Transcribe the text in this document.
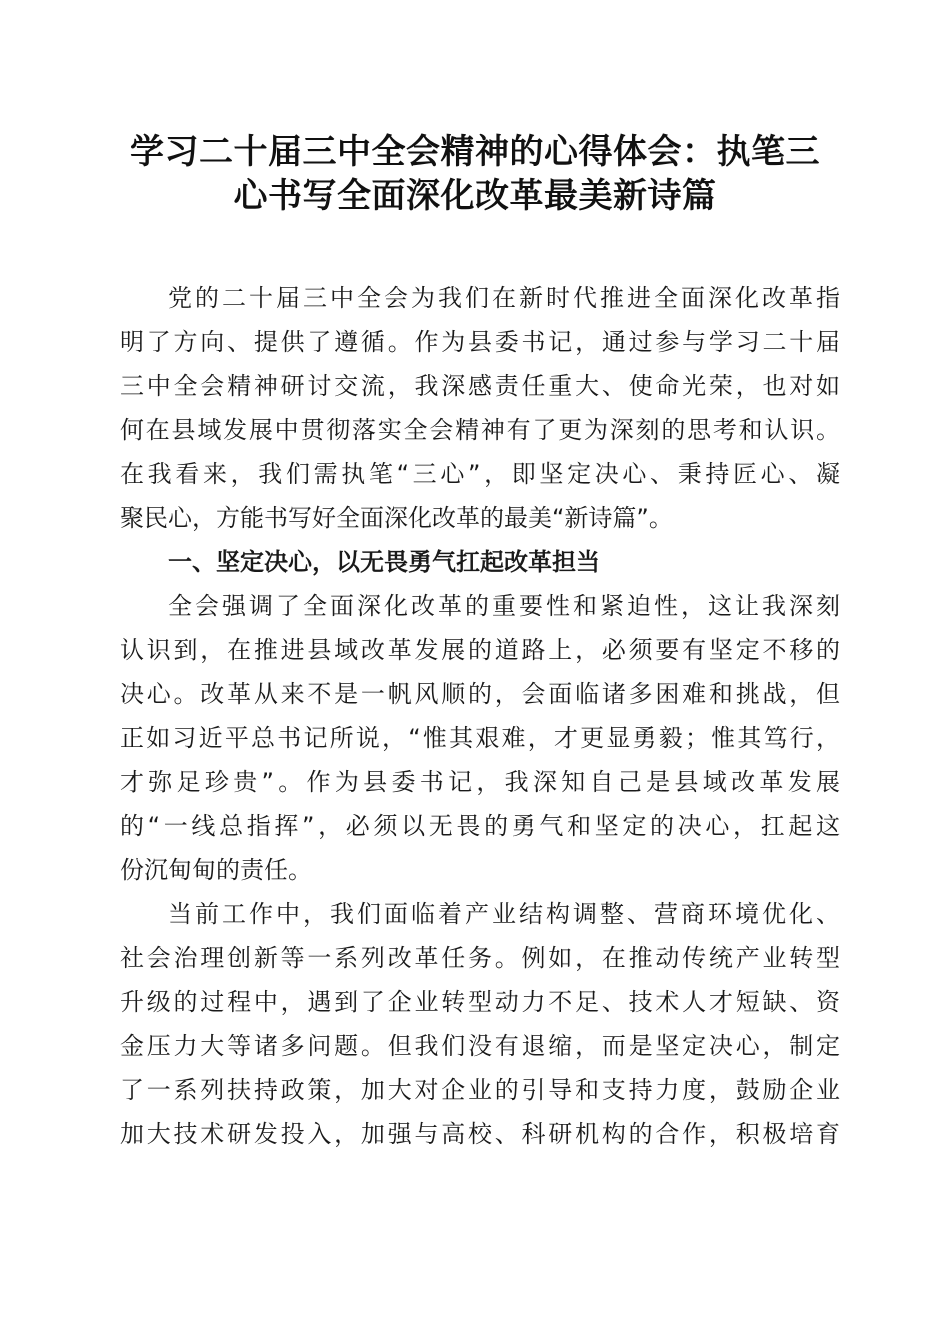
学习二十届三中全会精神的心得体会：执笔三
心书写全面深化改革最美新诗篇
党的二十届三中全会为我们在新时代推进全面深化改革指
明了方向、提供了遵循。作为县委书记，通过参与学习二十届
三中全会精神研讨交流，我深感责任重大、使命光荣，也对如
何在县域发展中贯彻落实全会精神有了更为深刻的思考和认识。
在我看来，我们需执笔“三心”，即坚定决心、秉持匠心、凝
聚民心，方能书写好全面深化改革的最美“新诗篇”。
一、坚定决心，以无畏勇气扛起改革担当
全会强调了全面深化改革的重要性和紧迫性，这让我深刻
认识到，在推进县域改革发展的道路上，必须要有坚定不移的
决心。改革从来不是一帆风顺的，会面临诸多困难和挑战，但
正如习近平总书记所说，“惟其艰难，才更显勇毅；惟其笃行，
才弥足珍贵”。作为县委书记，我深知自己是县域改革发展
的“一线总指挥”，必须以无畏的勇气和坚定的决心，扛起这
份沉甸甸的责任。
当前工作中，我们面临着产业结构调整、营商环境优化、
社会治理创新等一系列改革任务。例如，在推动传统产业转型
升级的过程中，遇到了企业转型动力不足、技术人才短缺、资
金压力大等诸多问题。但我们没有退缩，而是坚定决心，制定
了一系列扶持政策，加大对企业的引导和支持力度，鼓励企业
加大技术研发投入，加强与高校、科研机构的合作，积极培育
